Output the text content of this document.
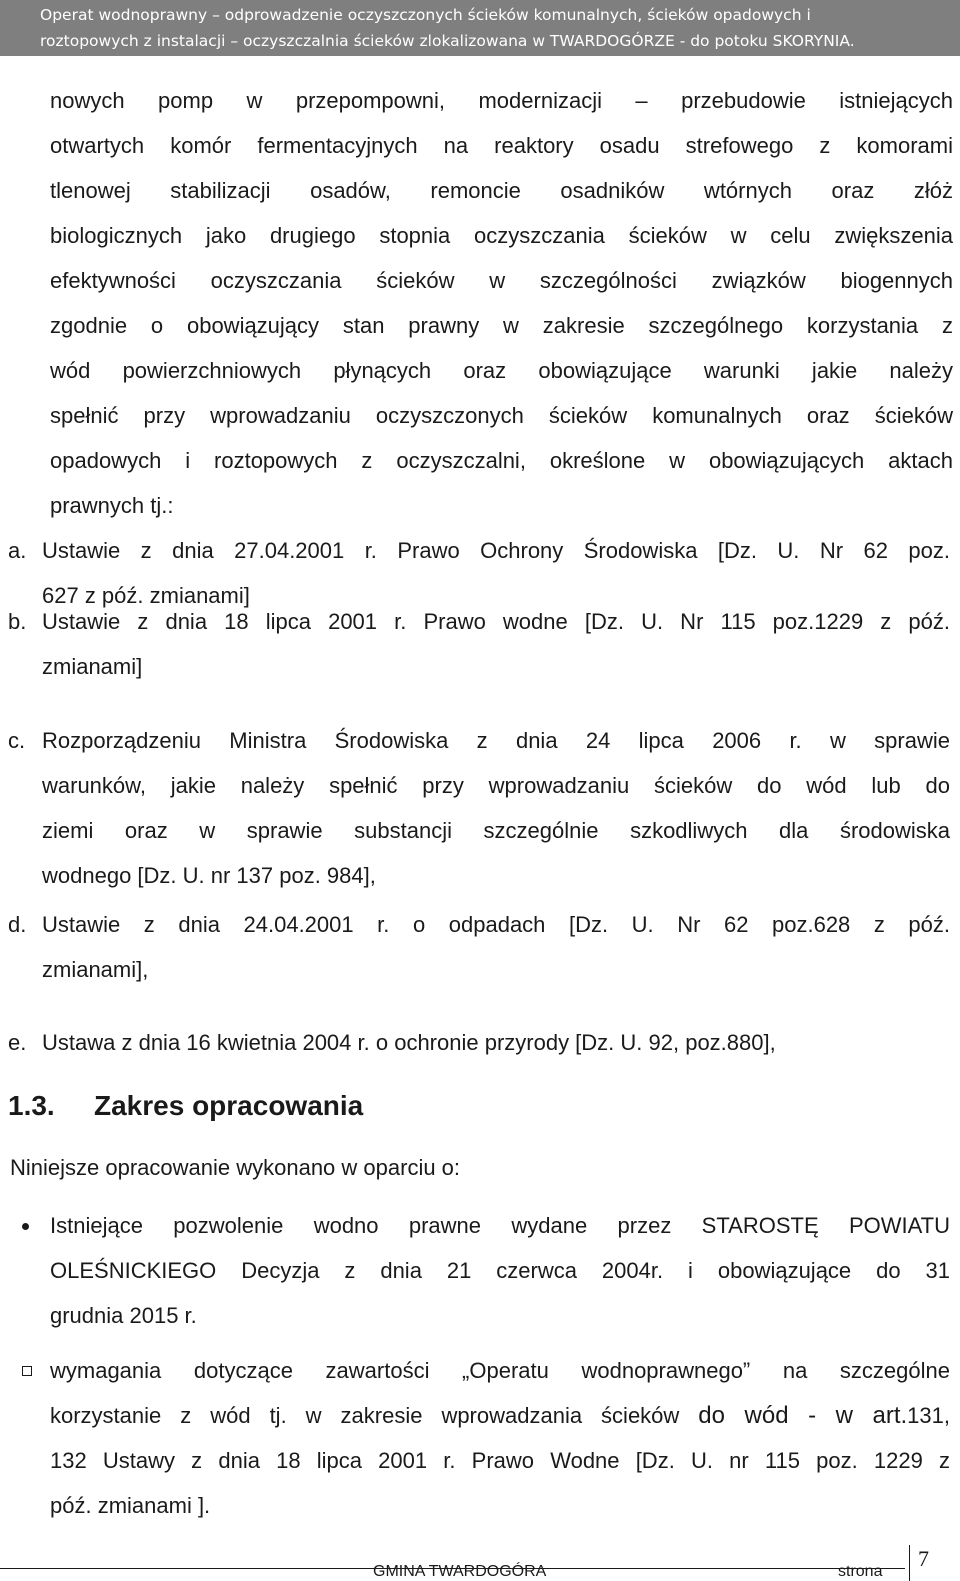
Operat wodnoprawny – odprowadzenie oczyszczonych ścieków komunalnych, ścieków opadowych i
roztopowych z instalacji – oczyszczalnia ścieków zlokalizowana w TWARDOGÓRZE - do potoku SKORYNIA.
nowych pomp w przepompowni, modernizacji – przebudowie istniejących
otwartych komór fermentacyjnych na reaktory osadu strefowego z komorami
tlenowej stabilizacji osadów, remoncie osadników wtórnych oraz złóż
biologicznych jako drugiego stopnia oczyszczania ścieków w celu zwiększenia
efektywności oczyszczania ścieków w szczególności związków biogennych
zgodnie o obowiązujący stan prawny w zakresie szczególnego korzystania z
wód powierzchniowych płynących oraz obowiązujące warunki jakie należy
spełnić przy wprowadzaniu oczyszczonych ścieków komunalnych oraz ścieków
opadowych i roztopowych z oczyszczalni, określone w obowiązujących aktach
prawnych tj.:
a. Ustawie z dnia 27.04.2001 r. Prawo Ochrony Środowiska [Dz. U. Nr 62 poz.
627 z póź. zmianami]
b. Ustawie z dnia 18 lipca 2001 r. Prawo wodne [Dz. U. Nr 115 poz.1229 z póź.
zmianami]
c. Rozporządzeniu Ministra Środowiska z dnia 24 lipca 2006 r. w sprawie
warunków, jakie należy spełnić przy wprowadzaniu ścieków do wód lub do
ziemi oraz w sprawie substancji szczególnie szkodliwych dla środowiska
wodnego [Dz. U. nr 137 poz. 984],
d. Ustawie z dnia 24.04.2001 r. o odpadach [Dz. U. Nr 62 poz.628 z póź.
zmianami],
e. Ustawa z dnia 16 kwietnia 2004 r. o ochronie przyrody [Dz. U. 92, poz.880],
1.3. Zakres opracowania
Niniejsze opracowanie wykonano w oparciu o:
Istniejące pozwolenie wodno prawne wydane przez STAROSTĘ POWIATU
OLEŚNICKIEGO Decyzja z dnia 21 czerwca 2004r. i obowiązujące do 31
grudnia 2015 r.
wymagania dotyczące zawartości „Operatu wodnoprawnego” na szczególne
korzystanie z wód tj. w zakresie wprowadzania ścieków do wód - w art.131,
132 Ustawy z dnia 18 lipca 2001 r. Prawo Wodne [Dz. U. nr 115 poz. 1229 z
póź. zmianami ].
GMINA TWARDOGÓRA	strona
7
